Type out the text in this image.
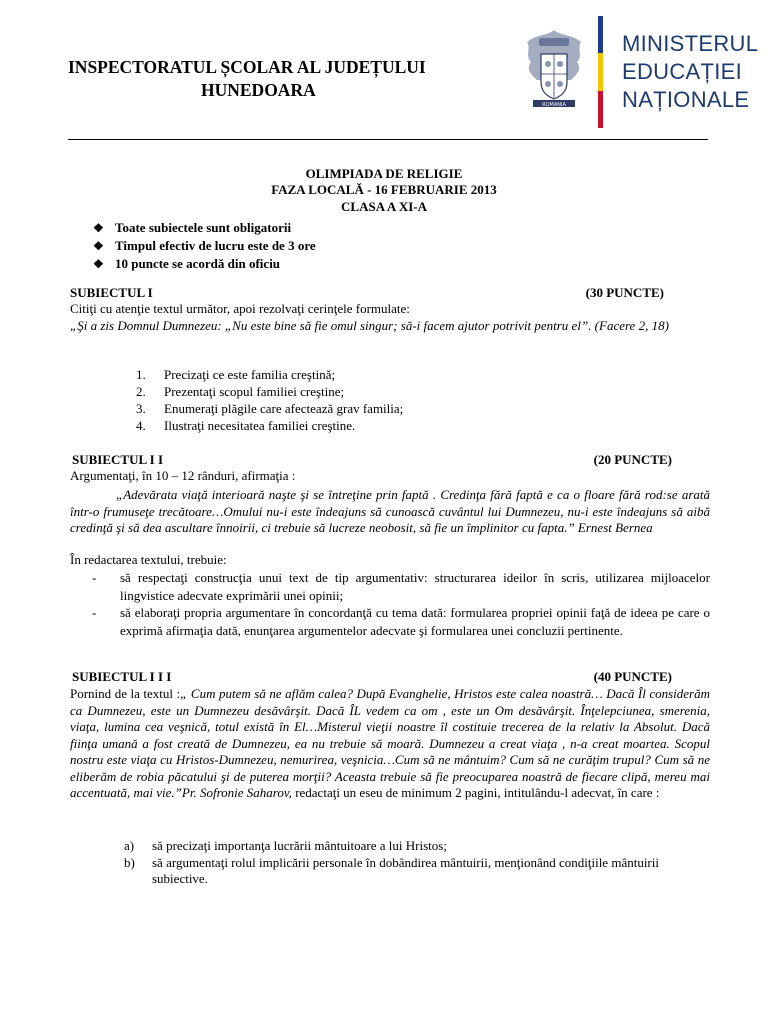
INSPECTORATUL ȘCOLAR AL JUDEȚULUI
HUNEDOARA
ROMANIA
MINISTERUL
EDUCAȚIEI
NAȚIONALE
OLIMPIADA DE RELIGIE
FAZA LOCALĂ - 16 FEBRUARIE 2013
CLASA A XI-A
❖ Toate subiectele sunt obligatorii
❖ Timpul efectiv de lucru este de 3 ore
❖ 10 puncte se acordă din oficiu
SUBIECTUL I	(30 PUNCTE)
Citiţi cu atenţie textul următor, apoi rezolvaţi cerinţele formulate:
„Şi a zis Domnul Dumnezeu: „Nu este bine să fie omul singur; să-i facem ajutor potrivit pentru el”. (Facere 2, 18)
1.	Precizaţi ce este familia creştină;
2.	Prezentaţi scopul familiei creştine;
3.	Enumeraţi plăgile care afectează grav familia;
4.	Ilustraţi necesitatea familiei creştine.
SUBIECTUL I I	(20 PUNCTE)
Argumentaţi, în 10 – 12 rânduri, afirmaţia :
„Adevărata viaţă interioară naşte şi se întreţine prin faptă . Credinţa fără faptă e ca o floare fără rod:se arată într-o frumuseţe trecătoare…Omului nu-i este îndeajuns să cunoască cuvântul lui Dumnezeu, nu-i este îndeajuns să aibă credinţă şi să dea ascultare înnoirii, ci trebuie să lucreze neobosit, să fie un împlinitor cu fapta.” Ernest Bernea
În redactarea textului, trebuie:
-	să respectaţi construcţia unui text de tip argumentativ: structurarea ideilor în scris, utilizarea mijloacelor lingvistice adecvate exprimării unei opinii;
-	să elaboraţi propria argumentare în concordanţă cu tema dată: formularea propriei opinii faţă de ideea pe care o exprimă afirmaţia dată, enunţarea argumentelor adecvate şi formularea unei concluzii pertinente.
SUBIECTUL I I I	(40 PUNCTE)
Pornind de la textul :„ Cum putem să ne aflăm calea? După Evanghelie, Hristos este calea noastră… Dacă Îl considerăm ca Dumnezeu, este un Dumnezeu desăvârşit. Dacă ÎL vedem ca om , este un Om desăvârşit. Înţelepciunea, smerenia, viaţa, lumina cea veşnică, totul există în El…Misterul vieţii noastre îl costituie trecerea de la relativ la Absolut. Dacă fiinţa umană a fost creată de Dumnezeu, ea nu trebuie să moară. Dumnezeu a creat viaţa , n-a creat moartea. Scopul nostru este viaţa cu Hristos-Dumnezeu, nemurirea, veşnicia…Cum să ne mântuim? Cum să ne curăţim trupul? Cum să ne eliberăm de robia păcatului şi de puterea morţii? Aceasta trebuie să fie preocuparea noastră de fiecare clipă, mereu mai accentuată, mai vie.”Pr. Sofronie Saharov, redactaţi un eseu de minimum 2 pagini, intitulându-l adecvat, în care :
a)	să precizaţi importanţa lucrării mântuitoare a lui Hristos;
b)	să argumentaţi rolul implicării personale în dobândirea mântuirii, menţionând condiţiile mântuirii subiective.
